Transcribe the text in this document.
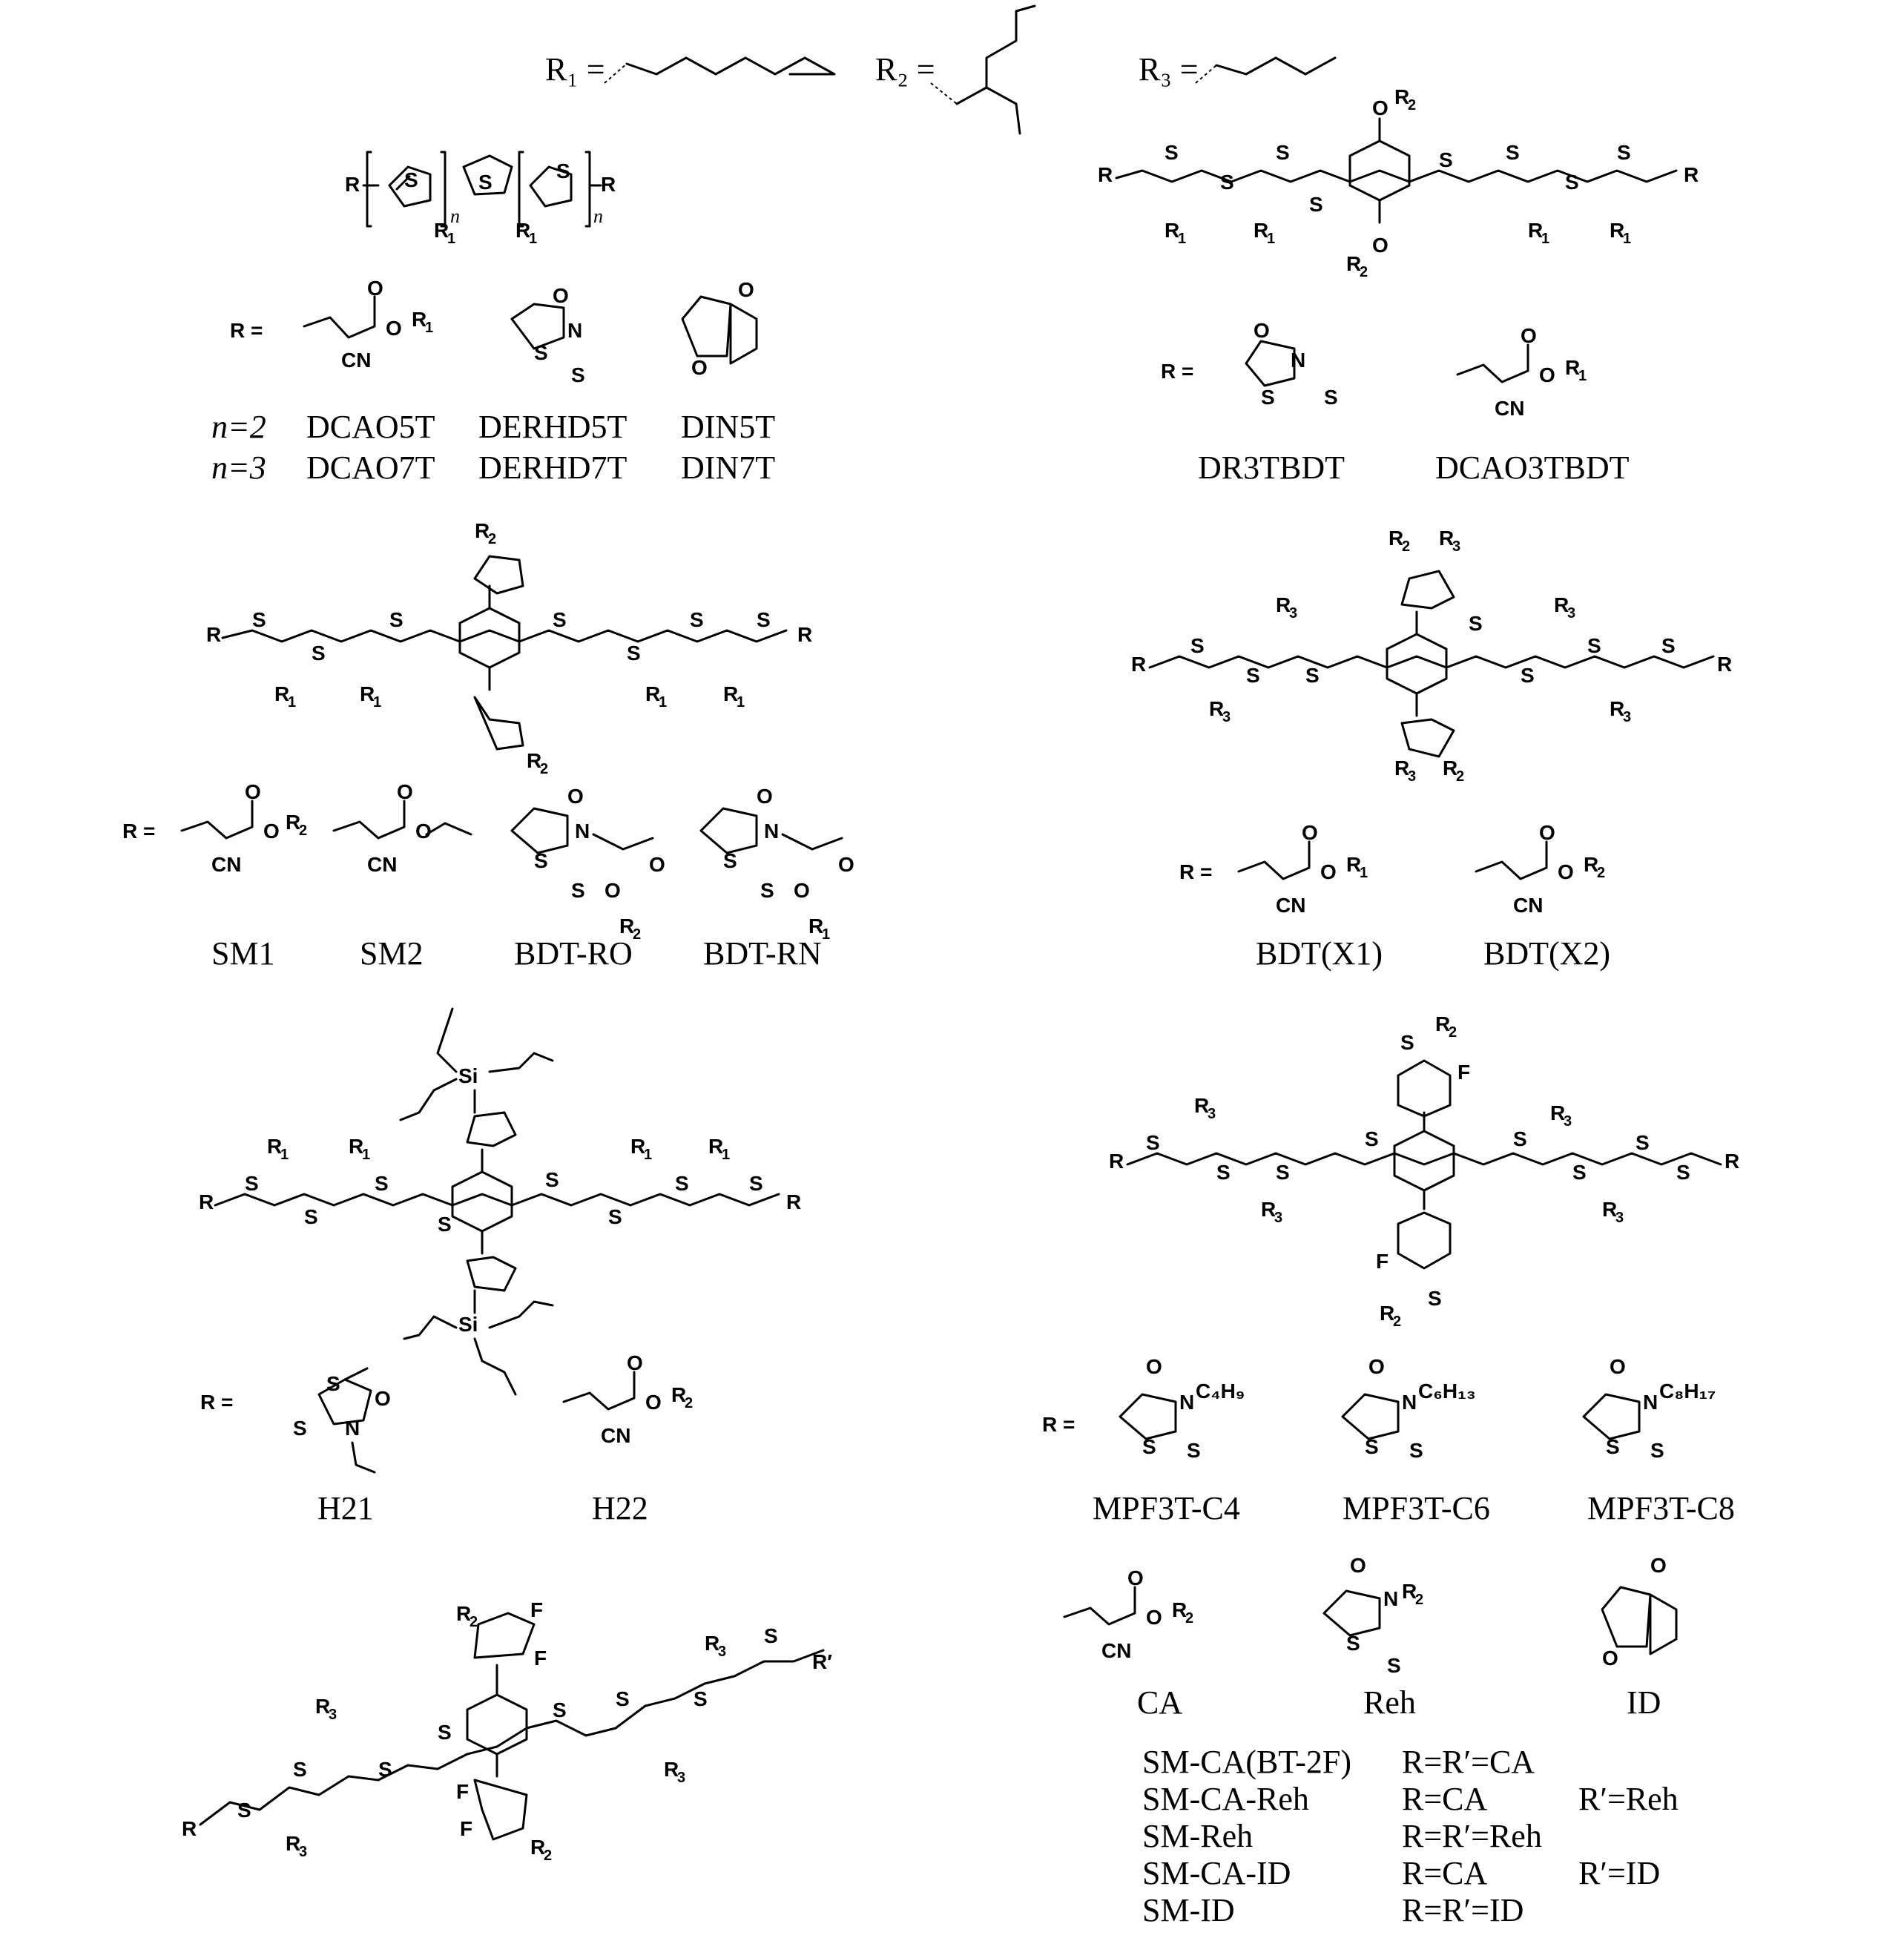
R₁ =	R₂ =	R₃ =
R S
R
1
n
S	S
R
1
n
R
R =
O
O R
1
CN
O
N
S
S
O
O
n=2 DCAO5T DERHD5T DIN5T
n=3 DCAO7T DERHD7T DIN7T
R
O R
2
O
R
2
S
S
S
S
S	S
S
S
R
1	R
1	R
1	R
1
R
R =
O
N
S S
O
O R
1
CN
DR3TBDT	DCAO3TBDT
R
R
2
R
2
S
S
S	S
S
S	S
R
1	R
1	R
1	R
1
R
R =
O
O R
2
CN
O
O
CN
O
N
S
S
O
O
R
2
O
N
S
S
O
O
R
1
SM1	SM2	BDT-RO BDT-RN
R
R
2 R
3
R
3 R
2
S
S S
S
S
S	S
R
3
R
3
R
3
R
3
R
R =
O
O R
1
CN
O
O R
2
CN
BDT(X1)	BDT(X2)
R
Si
Si
S
S
S
S
S
S
S	S
R
1	R
1	R
1	R
1
R
R =	O
S
S N
O
O R
2
CN
H21	H22
R
F
F
S
R
2
S
R
2
S
S S
S	S
S
S
S
R
3
R
3
R
3
R
3
R
R =
O
N C₄H₉
S S
O
N C₆H₁₃
S S
O
N C₈H₁₇
S S
MPF3T-C4	MPF3T-C6	MPF3T-C8
R
R
2
F
F
F
F
R
2
S
S	S
S
S S	S
S
R
3
R
3
R
3
R
3
R′
O
O R
2
CN
O
N R
2
S
S
O
O
CA	Reh	ID
SM-CA(BT-2F) R=R′=CA
SM-CA-Reh	R=CA	R′=Reh
SM-Reh	R=R′=Reh
SM-CA-ID	R=CA	R′=ID
SM-ID	R=R′=ID
